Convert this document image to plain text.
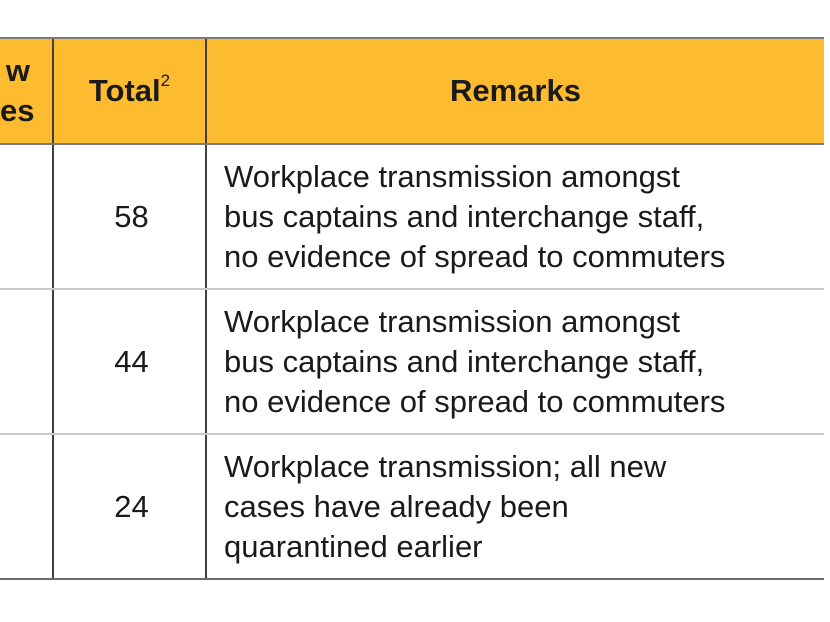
w
es	Total$^2$	Remarks
	58	Workplace transmission amongst
bus captains and interchange staff,
no evidence of spread to commuters

	44	Workplace transmission amongst
bus captains and interchange staff,
no evidence of spread to commuters

	24	Workplace transmission; all new
cases have already been
quarantined earlier
